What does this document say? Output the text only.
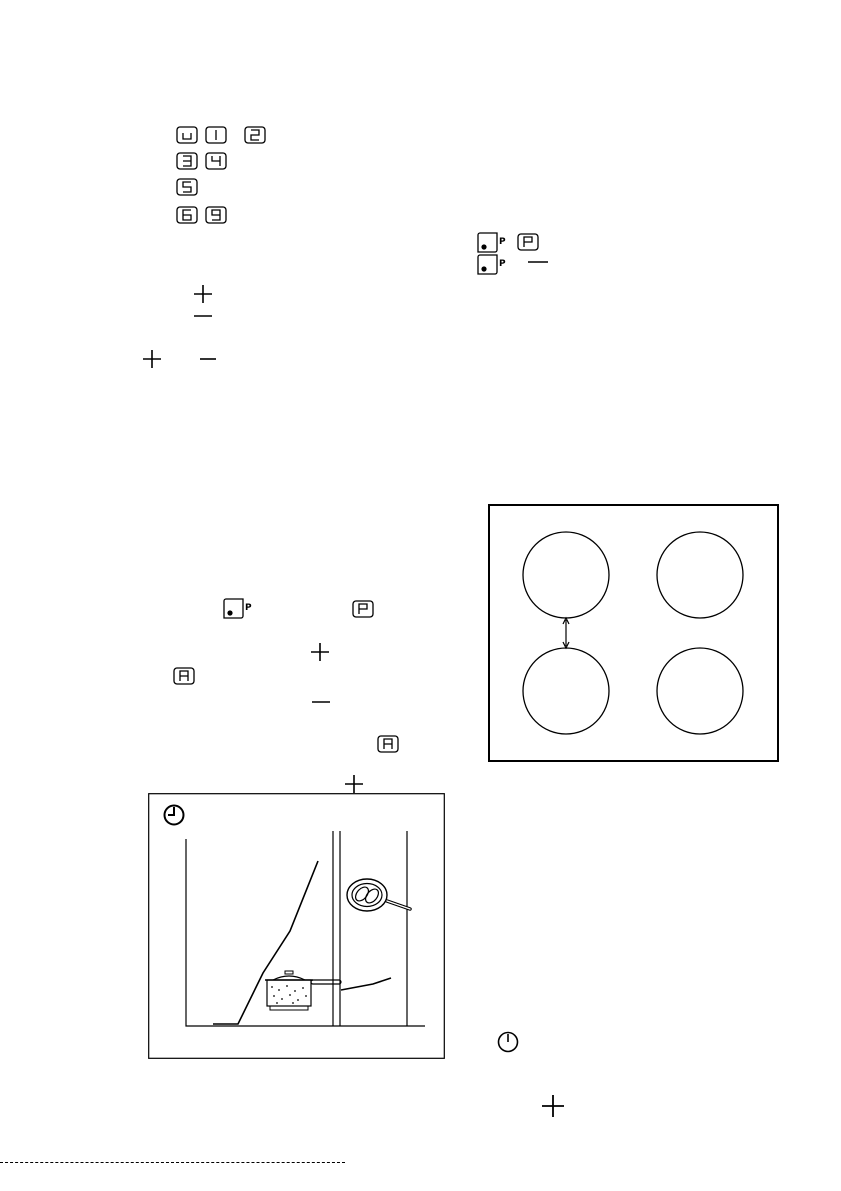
P
P
P
